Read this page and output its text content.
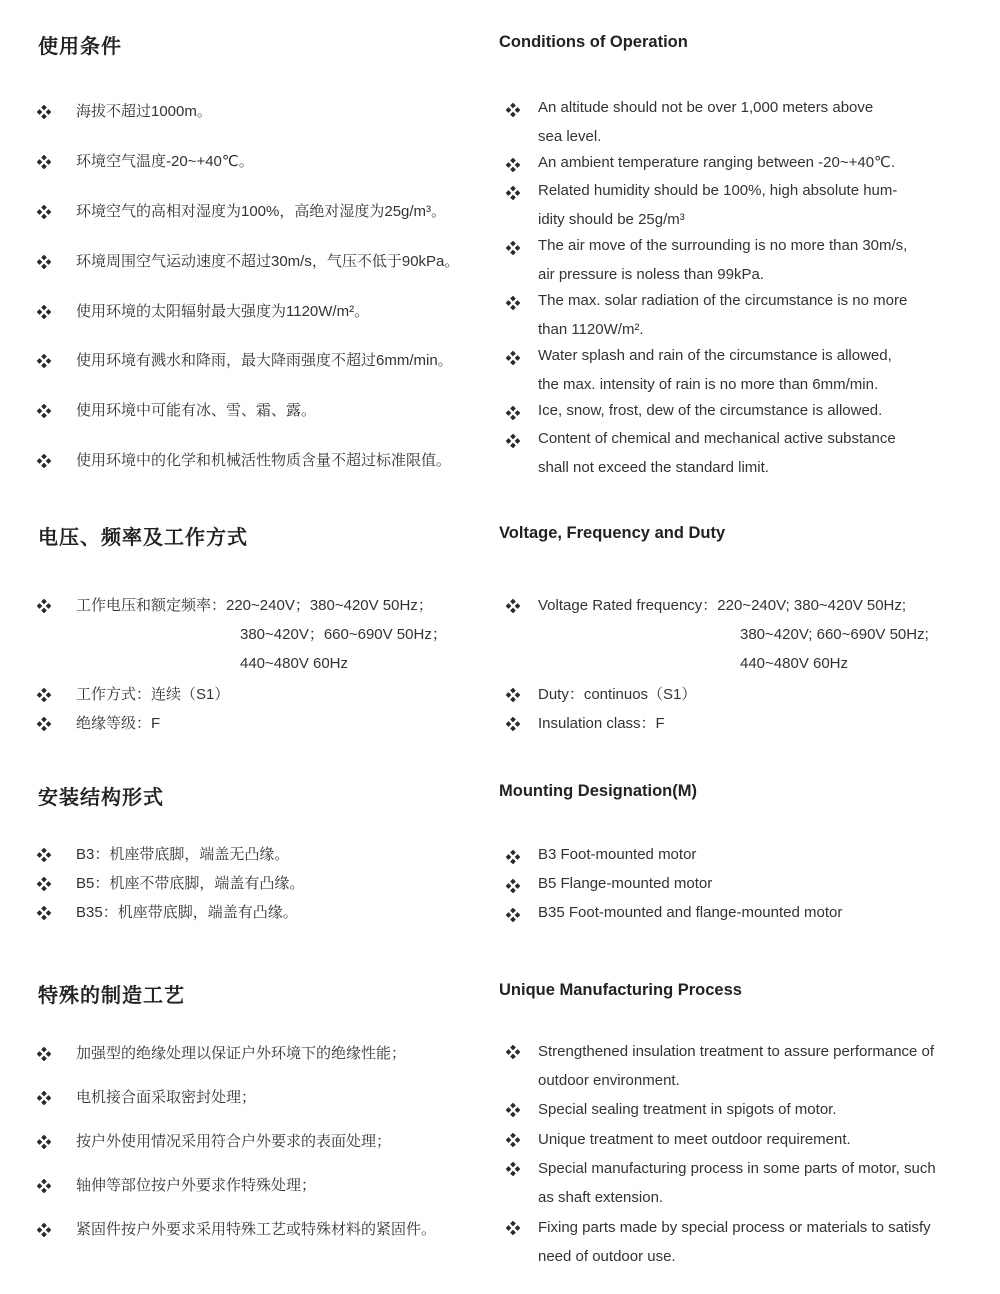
使用条件
海拔不超过1000m。
环境空气温度-20~+40℃。
环境空气的高相对湿度为100%，高绝对湿度为25g/m³。
环境周围空气运动速度不超过30m/s，气压不低于90kPa。
使用环境的太阳辐射最大强度为1120W/m²。
使用环境有溅水和降雨，最大降雨强度不超过6mm/min。
使用环境中可能有冰、雪、霜、露。
使用环境中的化学和机械活性物质含量不超过标准限值。
电压、频率及工作方式
工作电压和额定频率：220~240V；380~420V 50Hz；
380~420V；660~690V 50Hz；
440~480V 60Hz
工作方式：连续（S1）
绝缘等级：F
安装结构形式
B3：机座带底脚，端盖无凸缘。
B5：机座不带底脚，端盖有凸缘。
B35：机座带底脚，端盖有凸缘。
特殊的制造工艺
加强型的绝缘处理以保证户外环境下的绝缘性能；
电机接合面采取密封处理；
按户外使用情况采用符合户外要求的表面处理；
轴伸等部位按户外要求作特殊处理；
紧固件按户外要求采用特殊工艺或特殊材料的紧固件。
Conditions of Operation
An altitude should not be over 1,000 meters above
sea level.
An ambient temperature ranging between -20~+40℃.
Related humidity should be 100%, high absolute hum-
idity should be 25g/m³
The air move of the surrounding is no more than 30m/s,
air pressure is noless than 99kPa.
The max. solar radiation of the circumstance is no more
than 1120W/m².
Water splash and rain of the circumstance is allowed,
the max. intensity of rain is no more than 6mm/min.
Ice, snow, frost, dew of the circumstance is allowed.
Content of chemical and mechanical active substance
shall not exceed the standard limit.
Voltage, Frequency and Duty
Voltage Rated frequency：220~240V; 380~420V 50Hz;
380~420V; 660~690V 50Hz;
440~480V 60Hz
Duty：continuos（S1）
Insulation class：F
Mounting Designation(M)
B3 Foot-mounted motor
B5 Flange-mounted motor
B35 Foot-mounted and flange-mounted motor
Unique Manufacturing Process
Strengthened insulation treatment to assure performance of
outdoor environment.
Special sealing treatment in spigots of motor.
Unique treatment to meet outdoor requirement.
Special manufacturing process in some parts of motor, such
as shaft extension.
Fixing parts made by special process or materials to satisfy
need of outdoor use.
